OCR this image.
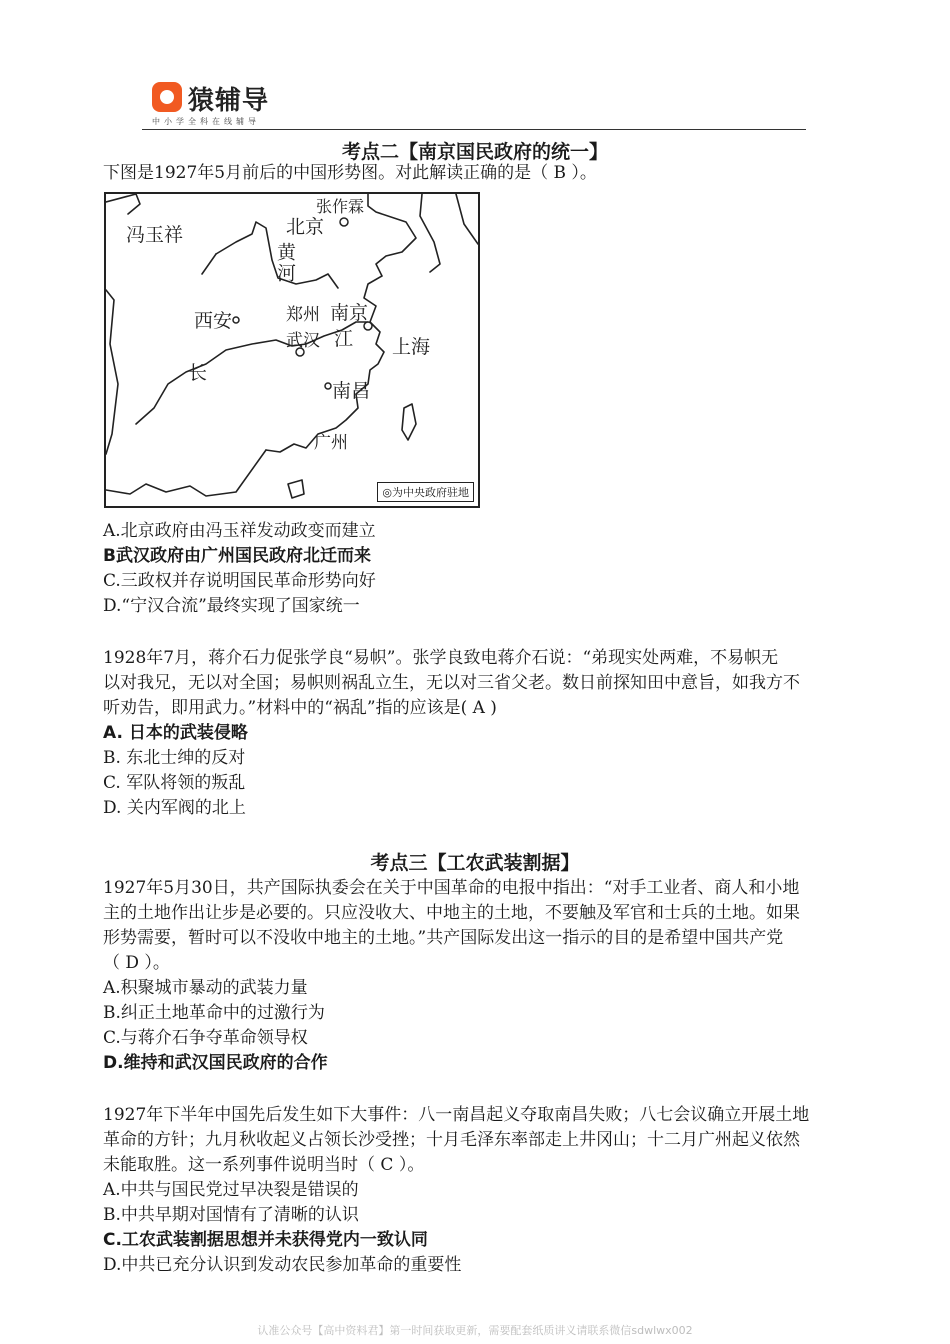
猿辅导
中小学全科在线辅导
考点二【南京国民政府的统一】
下图是1927年5月前后的中国形势图。对此解读正确的是（ B ）。
冯玉祥
张作霖
北京
黄河
西安	郑州 南京
武汉 江 上海
长
南昌
广州
◎为中央政府驻地
A.北京政府由冯玉祥发动政变而建立
B武汉政府由广州国民政府北迁而来
C.三政权并存说明国民革命形势向好
D.“宁汉合流”最终实现了国家统一
1928年7月，蒋介石力促张学良“易帜”。张学良致电蒋介石说：“弟现实处两难，不易帜无
以对我兄，无以对全国；易帜则祸乱立生，无以对三省父老。数日前探知田中意旨，如我方不
听劝告，即用武力。”材料中的“祸乱”指的应该是( A )
A. 日本的武装侵略
B. 东北士绅的反对
C. 军队将领的叛乱
D. 关内军阀的北上
考点三【工农武装割据】
1927年5月30日，共产国际执委会在关于中国革命的电报中指出：“对手工业者、商人和小地
主的土地作出让步是必要的。只应没收大、中地主的土地，不要触及军官和士兵的土地。如果
形势需要，暂时可以不没收中地主的土地。”共产国际发出这一指示的目的是希望中国共产党
（ D ）。
A.积聚城市暴动的武装力量
B.纠正土地革命中的过激行为
C.与蒋介石争夺革命领导权
D.维持和武汉国民政府的合作
1927年下半年中国先后发生如下大事件：八一南昌起义夺取南昌失败；八七会议确立开展土地
革命的方针；九月秋收起义占领长沙受挫；十月毛泽东率部走上井冈山；十二月广州起义依然
未能取胜。这一系列事件说明当时（ C ）。
A.中共与国民党过早决裂是错误的
B.中共早期对国情有了清晰的认识
C.工农武装割据思想并未获得党内一致认同
D.中共已充分认识到发动农民参加革命的重要性
认准公众号【高中资料君】第一时间获取更新，需要配套纸质讲义请联系微信sdwlwx002
